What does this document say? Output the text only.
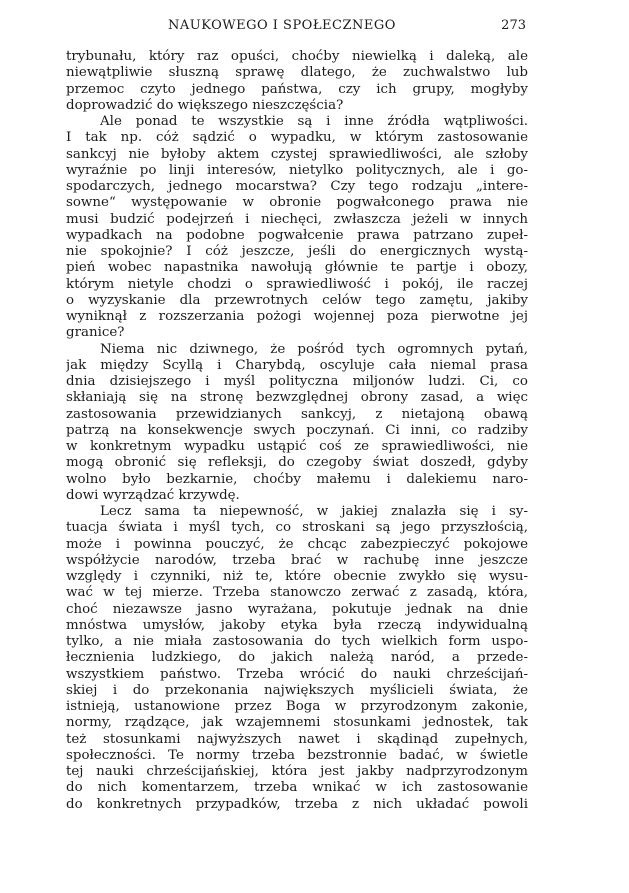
NAUKOWEGO I SPOŁECZNEGO	273
trybunału, który raz opuści, choćby niewielką i daleką, ale
niewątpliwie słuszną sprawę dlatego, że zuchwalstwo lub
przemoc czyto jednego państwa, czy ich grupy, mogłyby
doprowadzić do większego nieszczęścia?
Ale ponad te wszystkie są i inne źródła wątpliwości.
I tak np. cóż sądzić o wypadku, w którym zastosowanie
sankcyj nie byłoby aktem czystej sprawiedliwości, ale szłoby
wyraźnie po linji interesów, nietylko politycznych, ale i go-
spodarczych, jednego mocarstwa? Czy tego rodzaju „intere-
sowne“ występowanie w obronie pogwałconego prawa nie
musi budzić podejrzeń i niechęci, zwłaszcza jeżeli w innych
wypadkach na podobne pogwałcenie prawa patrzano zupeł-
nie spokojnie? I cóż jeszcze, jeśli do energicznych wystą-
pień wobec napastnika nawołują głównie te partje i obozy,
którym nietyle chodzi o sprawiedliwość i pokój, ile raczej
o wyzyskanie dla przewrotnych celów tego zamętu, jakiby
wyniknął z rozszerzania pożogi wojennej poza pierwotne jej
granice?
Niema nic dziwnego, że pośród tych ogromnych pytań,
jak między Scyllą i Charybdą, oscyluje cała niemal prasa
dnia dzisiejszego i myśl polityczna miljonów ludzi. Ci, co
skłaniają się na stronę bezwzględnej obrony zasad, a więc
zastosowania przewidzianych sankcyj, z nietajoną obawą
patrzą na konsekwencje swych poczynań. Ci inni, co radziby
w konkretnym wypadku ustąpić coś ze sprawiedliwości, nie
mogą obronić się refleksji, do czegoby świat doszedł, gdyby
wolno było bezkarnie, choćby małemu i dalekiemu naro-
dowi wyrządzać krzywdę.
Lecz sama ta niepewność, w jakiej znalazła się i sy-
tuacja świata i myśl tych, co stroskani są jego przyszłością,
może i powinna pouczyć, że chcąc zabezpieczyć pokojowe
współżycie narodów, trzeba brać w rachubę inne jeszcze
względy i czynniki, niż te, które obecnie zwykło się wysu-
wać w tej mierze. Trzeba stanowczo zerwać z zasadą, która,
choć niezawsze jasno wyrażana, pokutuje jednak na dnie
mnóstwa umysłów, jakoby etyka była rzeczą indywidualną
tylko, a nie miała zastosowania do tych wielkich form uspo-
łecznienia ludzkiego, do jakich należą naród, a przede-
wszystkiem państwo. Trzeba wrócić do nauki chrześcijań-
skiej i do przekonania największych myślicieli świata, że
istnieją, ustanowione przez Boga w przyrodzonym zakonie,
normy, rządzące, jak wzajemnemi stosunkami jednostek, tak
też stosunkami najwyższych nawet i skądinąd zupełnych,
społeczności. Te normy trzeba bezstronnie badać, w świetle
tej nauki chrześcijańskiej, która jest jakby nadprzyrodzonym
do nich komentarzem, trzeba wnikać w ich zastosowanie
do konkretnych przypadków, trzeba z nich układać powoli
